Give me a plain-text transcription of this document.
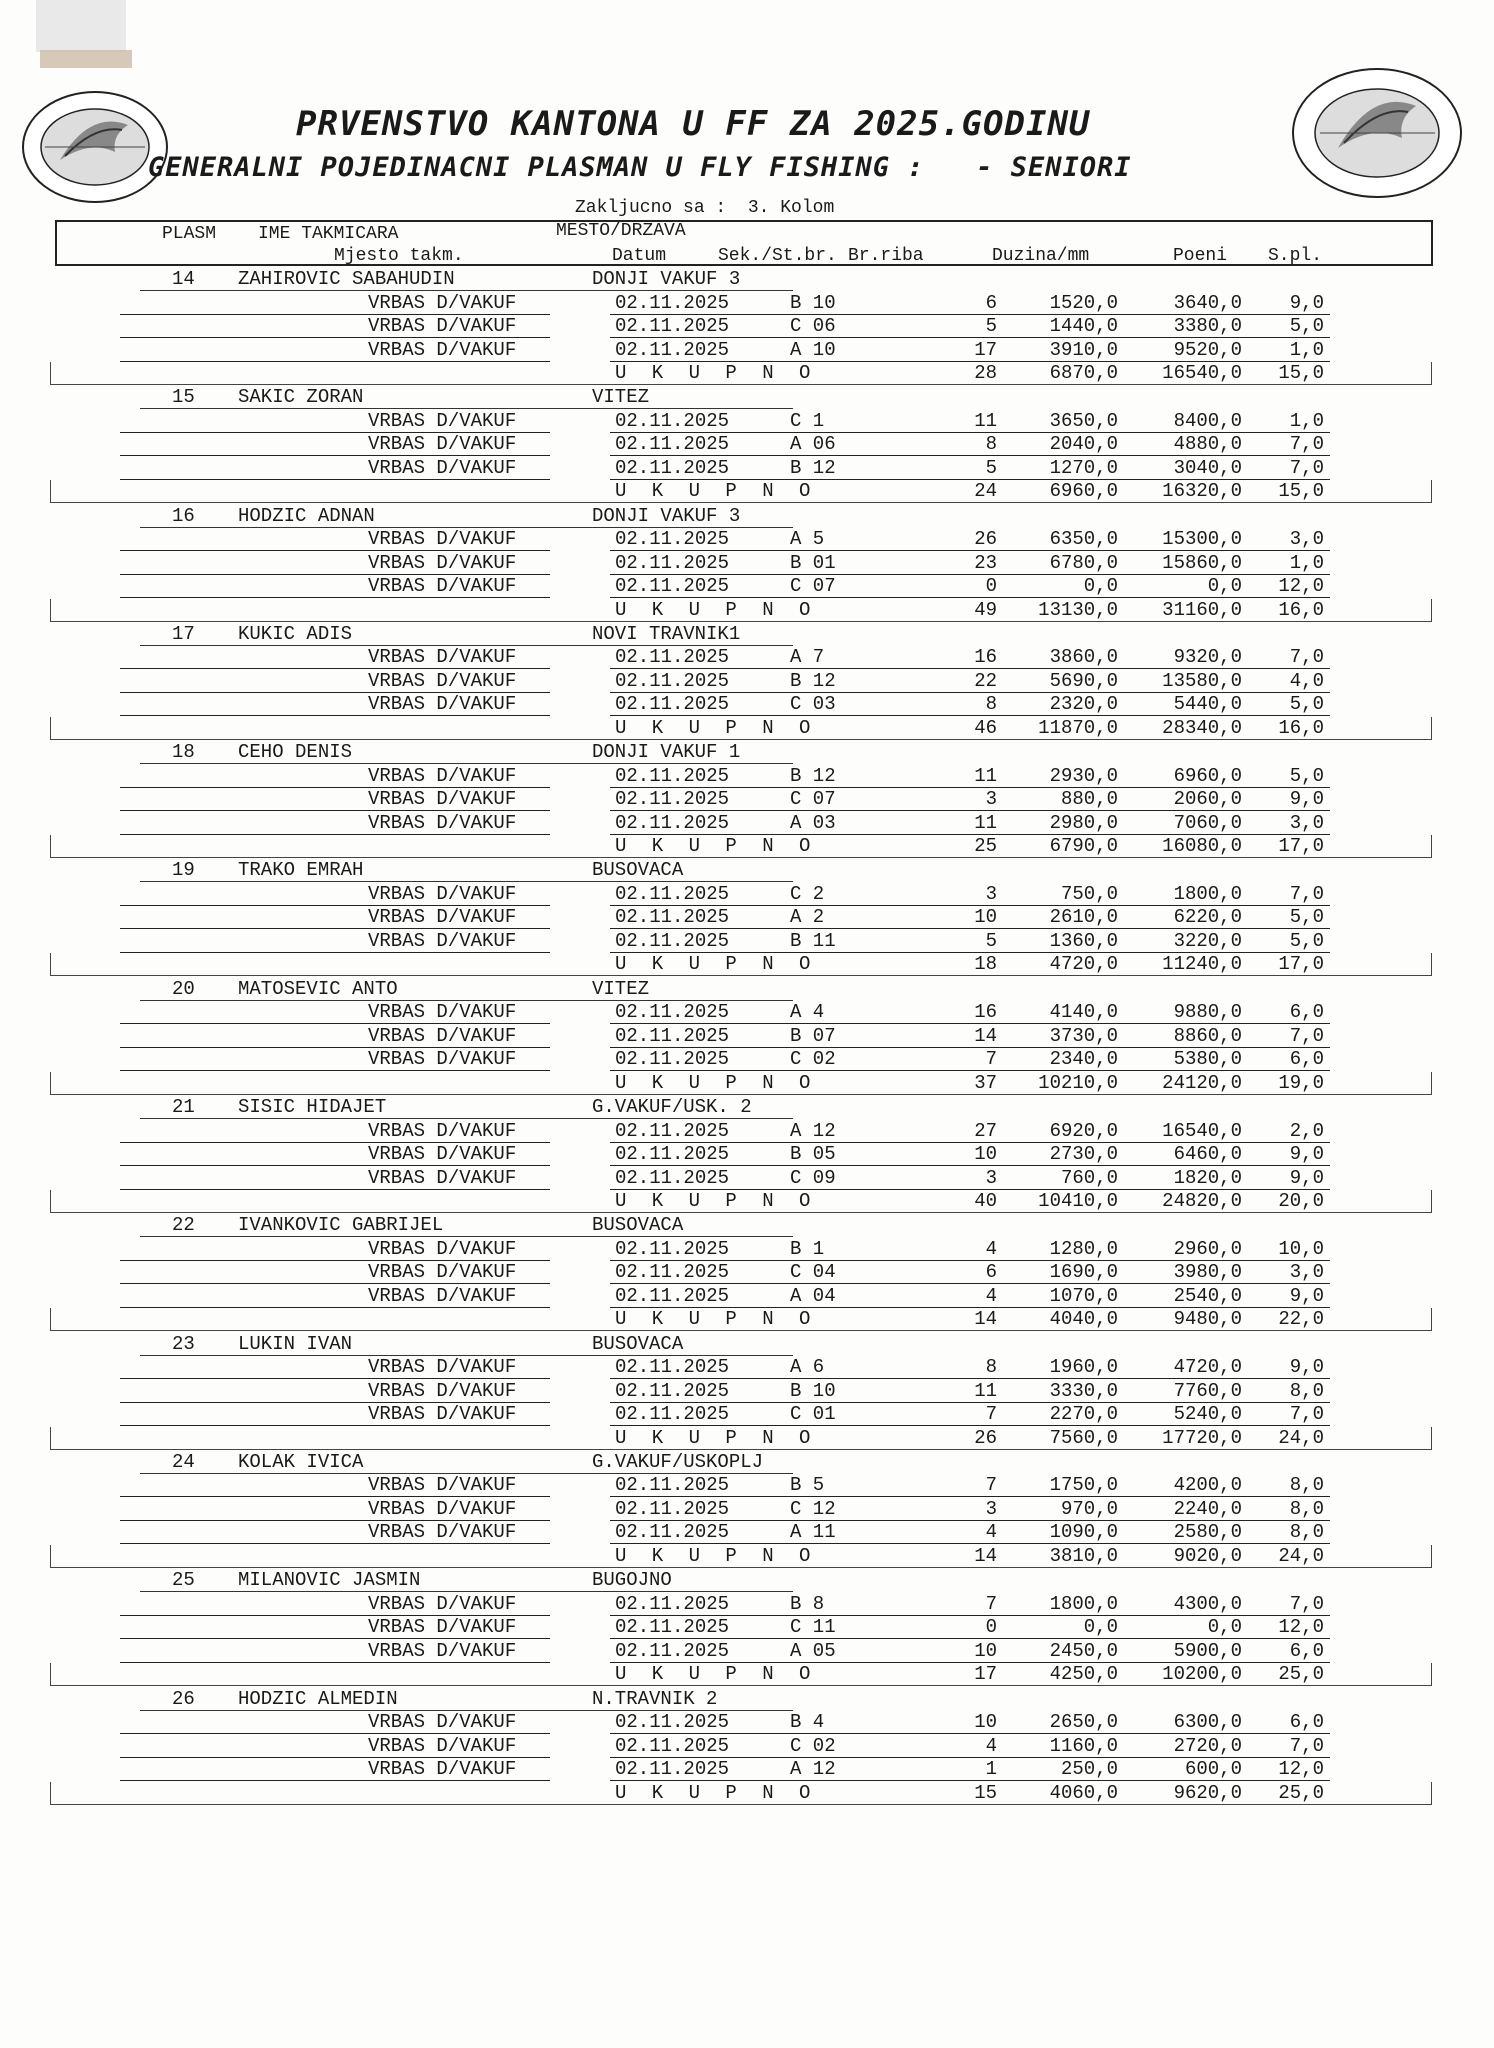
PRVENSTVO KANTONA U FF ZA 2025.GODINU
GENERALNI POJEDINACNI PLASMAN U FLY FISHING :   - SENIORI
Zakljucno sa :  3. Kolom
PLASM IME TAKMICARA	MESTO/DRZAVA
Mjesto takm.	Datum	Sek./St.br. Br.riba	Duzina/mm	Poeni S.pl.
14 ZAHIROVIC SABAHUDIN	DONJI VAKUF 3
VRBAS D/VAKUF	02.11.2025	B 10	6	1520,0	3640,0	9,0
VRBAS D/VAKUF	02.11.2025	C 06	5	1440,0	3380,0	5,0
VRBAS D/VAKUF	02.11.2025	A 10	17	3910,0	9520,0	1,0
U K U P N O	28	6870,0 16540,0 15,0
15 SAKIC ZORAN	VITEZ
VRBAS D/VAKUF	02.11.2025	C 1	11	3650,0	8400,0	1,0
VRBAS D/VAKUF	02.11.2025	A 06	8	2040,0	4880,0	7,0
VRBAS D/VAKUF	02.11.2025	B 12	5	1270,0	3040,0	7,0
U K U P N O	24	6960,0 16320,0 15,0
16 HODZIC ADNAN	DONJI VAKUF 3
VRBAS D/VAKUF	02.11.2025	A 5	26	6350,0 15300,0	3,0
VRBAS D/VAKUF	02.11.2025	B 01	23	6780,0 15860,0	1,0
VRBAS D/VAKUF	02.11.2025	C 07	0	0,0	0,0 12,0
U K U P N O	49 13130,0 31160,0 16,0
17 KUKIC ADIS	NOVI TRAVNIK1
VRBAS D/VAKUF	02.11.2025	A 7	16	3860,0	9320,0	7,0
VRBAS D/VAKUF	02.11.2025	B 12	22	5690,0 13580,0	4,0
VRBAS D/VAKUF	02.11.2025	C 03	8	2320,0	5440,0	5,0
U K U P N O	46 11870,0 28340,0 16,0
18 CEHO DENIS	DONJI VAKUF 1
VRBAS D/VAKUF	02.11.2025	B 12	11	2930,0	6960,0	5,0
VRBAS D/VAKUF	02.11.2025	C 07	3	880,0	2060,0	9,0
VRBAS D/VAKUF	02.11.2025	A 03	11	2980,0	7060,0	3,0
U K U P N O	25	6790,0 16080,0 17,0
19 TRAKO EMRAH	BUSOVACA
VRBAS D/VAKUF	02.11.2025	C 2	3	750,0	1800,0	7,0
VRBAS D/VAKUF	02.11.2025	A 2	10	2610,0	6220,0	5,0
VRBAS D/VAKUF	02.11.2025	B 11	5	1360,0	3220,0	5,0
U K U P N O	18	4720,0 11240,0 17,0
20 MATOSEVIC ANTO	VITEZ
VRBAS D/VAKUF	02.11.2025	A 4	16	4140,0	9880,0	6,0
VRBAS D/VAKUF	02.11.2025	B 07	14	3730,0	8860,0	7,0
VRBAS D/VAKUF	02.11.2025	C 02	7	2340,0	5380,0	6,0
U K U P N O	37 10210,0 24120,0 19,0
21 SISIC HIDAJET	G.VAKUF/USK. 2
VRBAS D/VAKUF	02.11.2025	A 12	27	6920,0 16540,0	2,0
VRBAS D/VAKUF	02.11.2025	B 05	10	2730,0	6460,0	9,0
VRBAS D/VAKUF	02.11.2025	C 09	3	760,0	1820,0	9,0
U K U P N O	40 10410,0 24820,0 20,0
22 IVANKOVIC GABRIJEL	BUSOVACA
VRBAS D/VAKUF	02.11.2025	B 1	4	1280,0	2960,0 10,0
VRBAS D/VAKUF	02.11.2025	C 04	6	1690,0	3980,0	3,0
VRBAS D/VAKUF	02.11.2025	A 04	4	1070,0	2540,0	9,0
U K U P N O	14	4040,0	9480,0 22,0
23 LUKIN IVAN	BUSOVACA
VRBAS D/VAKUF	02.11.2025	A 6	8	1960,0	4720,0	9,0
VRBAS D/VAKUF	02.11.2025	B 10	11	3330,0	7760,0	8,0
VRBAS D/VAKUF	02.11.2025	C 01	7	2270,0	5240,0	7,0
U K U P N O	26	7560,0 17720,0 24,0
24 KOLAK IVICA	G.VAKUF/USKOPLJ
VRBAS D/VAKUF	02.11.2025	B 5	7	1750,0	4200,0	8,0
VRBAS D/VAKUF	02.11.2025	C 12	3	970,0	2240,0	8,0
VRBAS D/VAKUF	02.11.2025	A 11	4	1090,0	2580,0	8,0
U K U P N O	14	3810,0	9020,0 24,0
25 MILANOVIC JASMIN	BUGOJNO
VRBAS D/VAKUF	02.11.2025	B 8	7	1800,0	4300,0	7,0
VRBAS D/VAKUF	02.11.2025	C 11	0	0,0	0,0 12,0
VRBAS D/VAKUF	02.11.2025	A 05	10	2450,0	5900,0	6,0
U K U P N O	17	4250,0 10200,0 25,0
26 HODZIC ALMEDIN	N.TRAVNIK 2
VRBAS D/VAKUF	02.11.2025	B 4	10	2650,0	6300,0	6,0
VRBAS D/VAKUF	02.11.2025	C 02	4	1160,0	2720,0	7,0
VRBAS D/VAKUF	02.11.2025	A 12	1	250,0	600,0 12,0
U K U P N O	15	4060,0	9620,0 25,0
